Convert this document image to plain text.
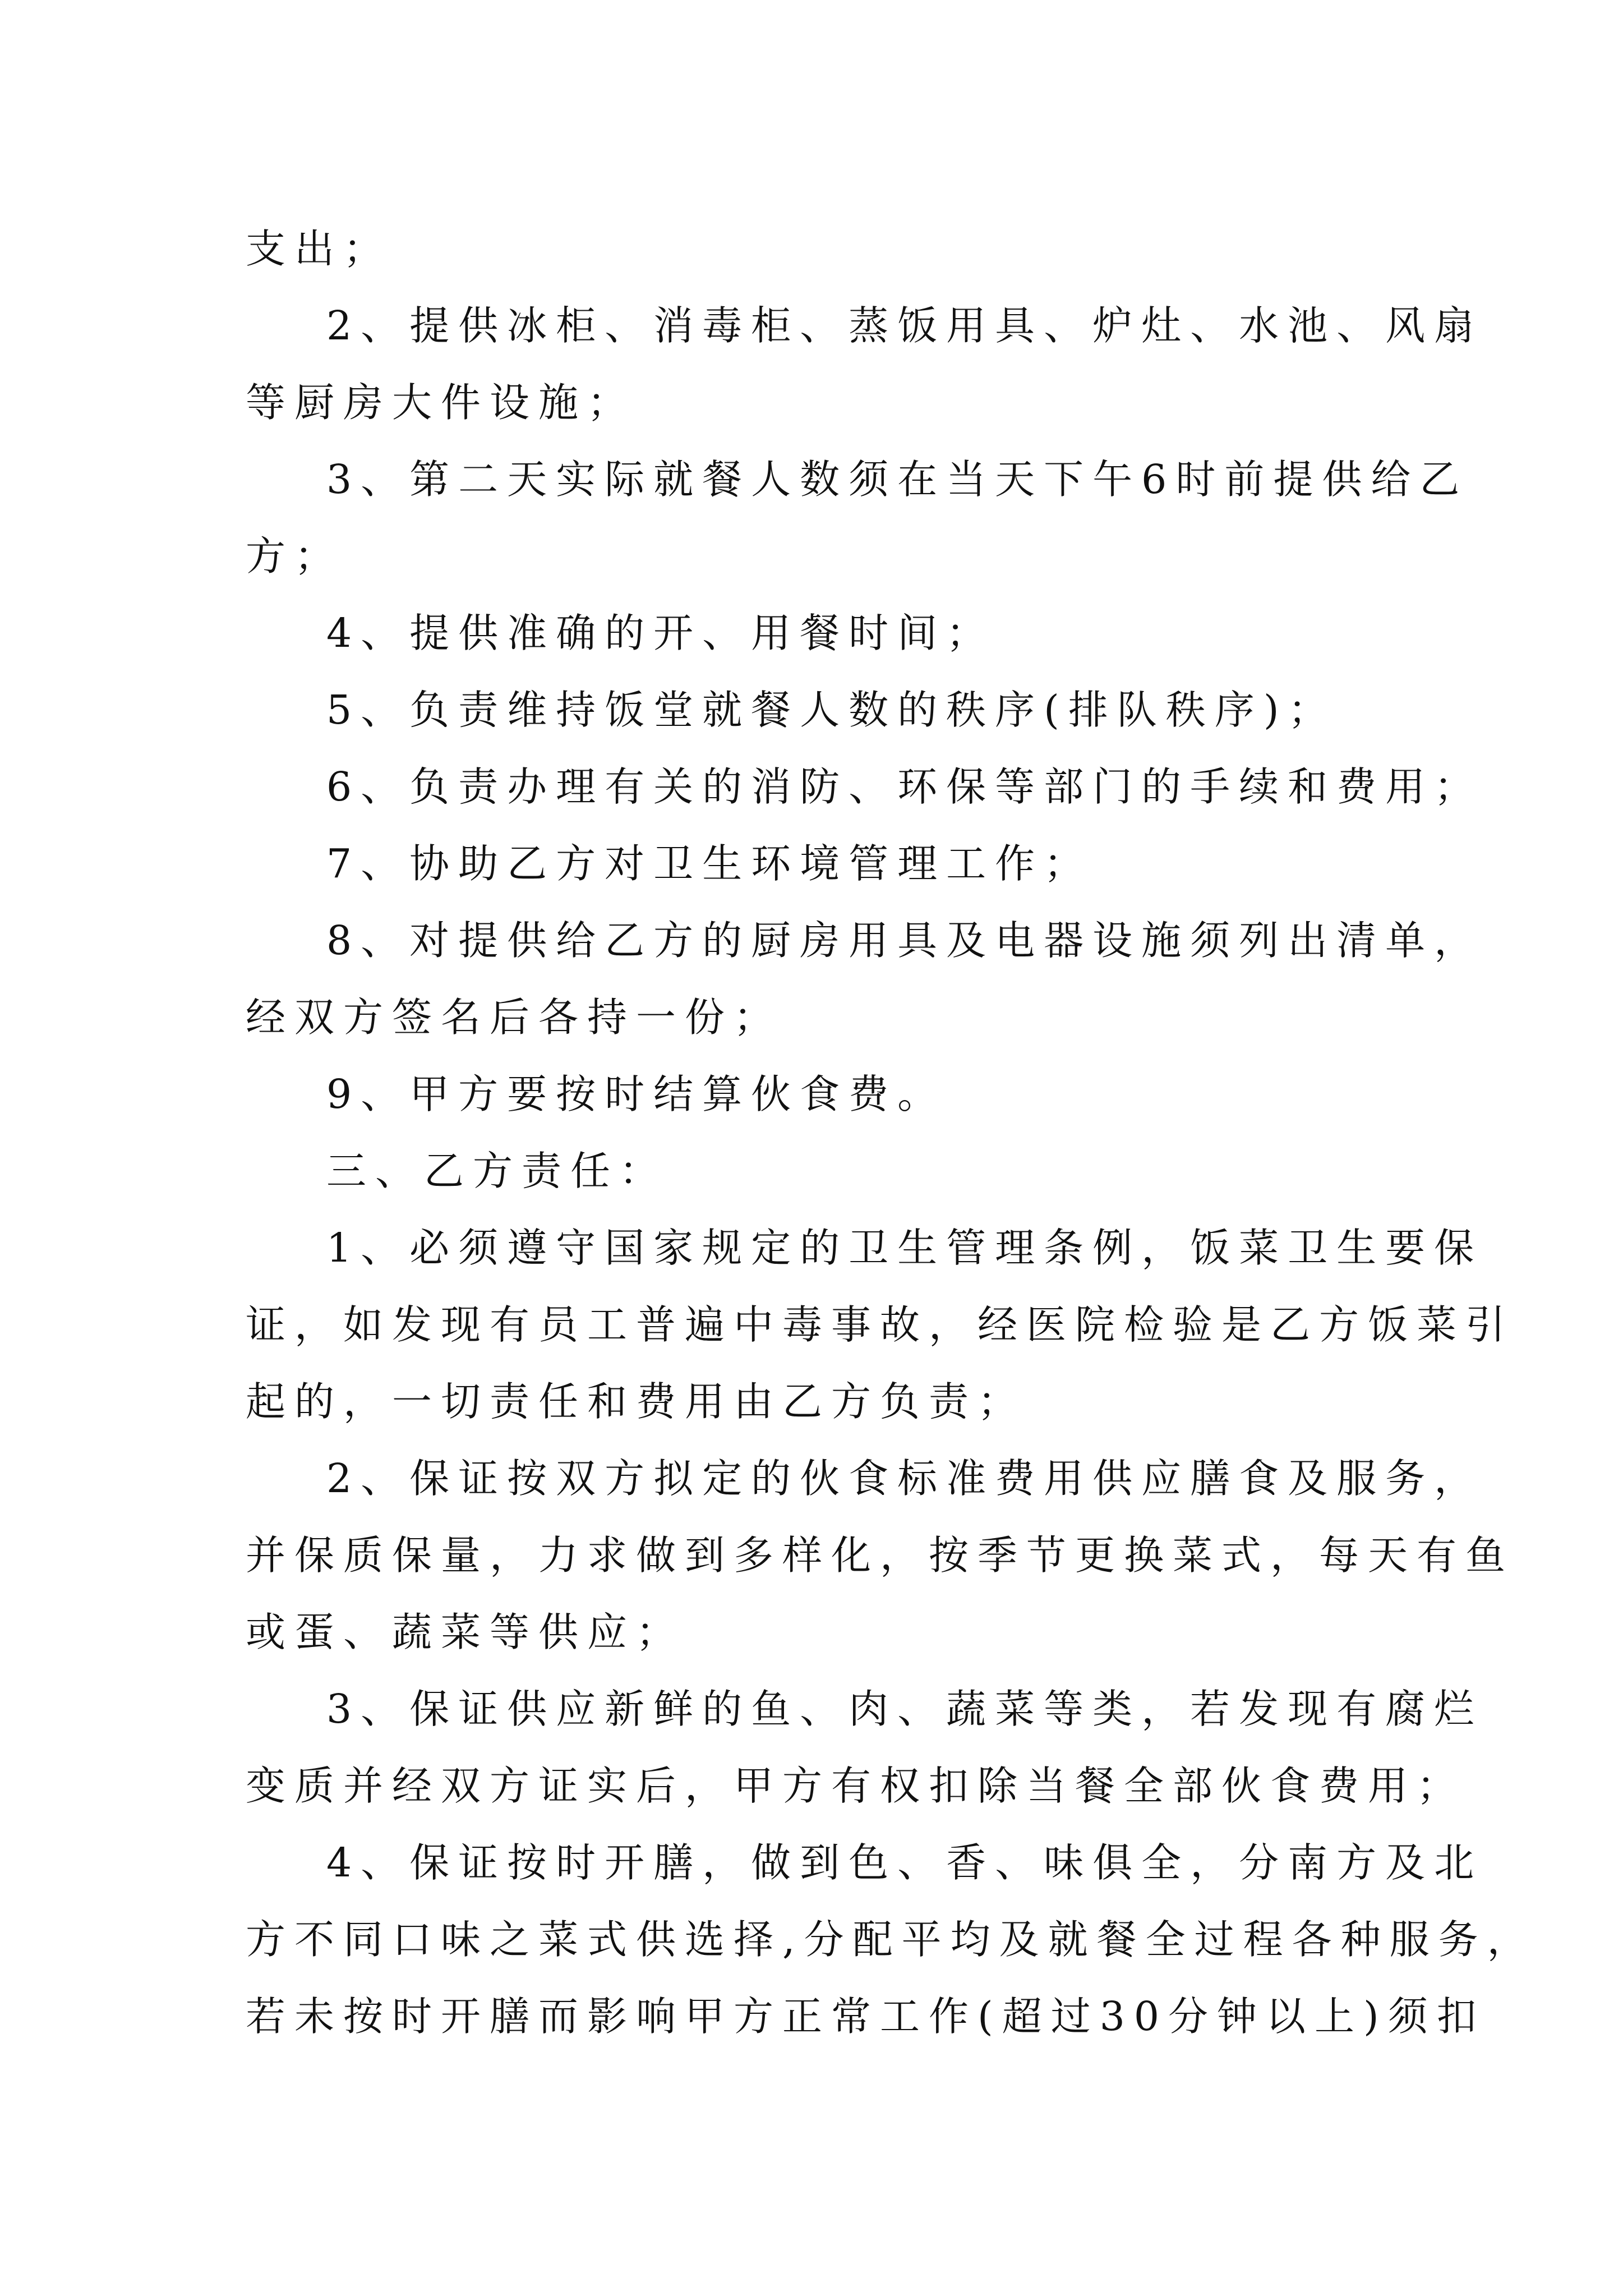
支出；
2、提供冰柜、消毒柜、蒸饭用具、炉灶、水池、风扇
等厨房大件设施；
3、第二天实际就餐人数须在当天下午6时前提供给乙
方；
4、提供准确的开、用餐时间；
5、负责维持饭堂就餐人数的秩序(排队秩序)；
6、负责办理有关的消防、环保等部门的手续和费用；
7、协助乙方对卫生环境管理工作；
8、对提供给乙方的厨房用具及电器设施须列出清单，
经双方签名后各持一份；
9、甲方要按时结算伙食费。
三、乙方责任：
1、必须遵守国家规定的卫生管理条例，饭菜卫生要保
证，如发现有员工普遍中毒事故，经医院检验是乙方饭菜引
起的，一切责任和费用由乙方负责；
2、保证按双方拟定的伙食标准费用供应膳食及服务，
并保质保量，力求做到多样化，按季节更换菜式，每天有鱼
或蛋、蔬菜等供应；
3、保证供应新鲜的鱼、肉、蔬菜等类，若发现有腐烂
变质并经双方证实后，甲方有权扣除当餐全部伙食费用；
4、保证按时开膳，做到色、香、味俱全，分南方及北
方不同口味之菜式供选择,分配平均及就餐全过程各种服务，
若未按时开膳而影响甲方正常工作(超过30分钟以上)须扣
